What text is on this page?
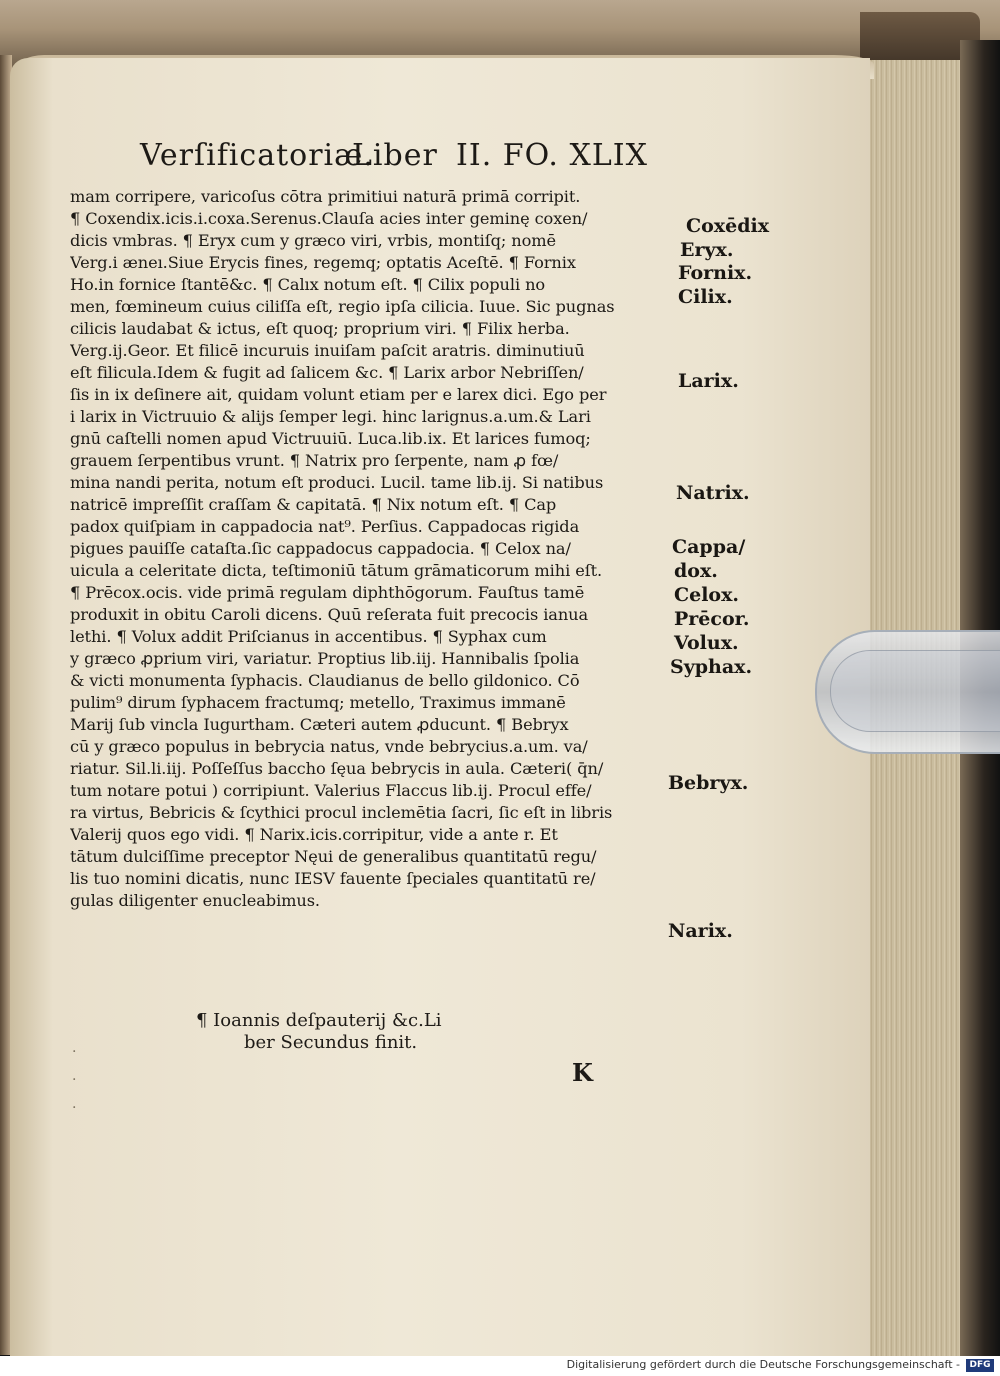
Verſificatoriæ.
Liber II. FO. XLIX
mam corripere, varicoſus cōtra primitiui naturā primā corripit.
¶ Coxendix.icis.i.coxa.Serenus.Clauſa acies inter geminę coxen/
dicis vmbras. ¶ Eryx cum y græco viri, vrbis, montiſq; nomē
Verg.i æneı.Siue Erycis fines, regemq; optatis Aceſtē. ¶ Fornix
Ho.in fornice ſtantē&c. ¶ Calıx notum eſt. ¶ Cilix populi no
men, fœmineum cuius ciliſſa eſt, regio ipſa cilicia. Iuue. Sic pugnas
cilicis laudabat & ictus, eſt quoq; proprium viri. ¶ Filix herba.
Verg.ij.Geor. Et filicē incuruis inuiſam paſcit aratris. diminutiuū
eſt filicula.Idem & fugit ad ſalicem &c. ¶ Larix arbor Nebriſſen/
ſis in ix deſinere ait, quidam volunt etiam per e larex dici. Ego per
i larix in Victruuio & alijs ſemper legi. hinc larignus.a.um.& Lari
gnū caſtelli nomen apud Victruuiū. Luca.lib.ix. Et larices fumoq;
grauem ſerpentibus vrunt. ¶ Natrix pro ſerpente, nam ꝓ fœ/
mina nandi perita, notum eſt produci. Lucil. tame lib.ij. Si natibus
natricē impreſſit craſſam & capitatā. ¶ Nix notum eſt. ¶ Cap
padox quiſpiam in cappadocia nat⁹. Perſius. Cappadocas rigida
pigues pauiſſe cataſta.ſic cappadocus cappadocia. ¶ Celox na/
uicula a celeritate dicta, teſtimoniū tātum grāmaticorum mihi eſt.
¶ Prēcox.ocis. vide primā regulam diphthōgorum. Fauſtus tamē
produxit in obitu Caroli dicens. Quū reſerata fuit precocis ianua
lethi. ¶ Volux addit Priſcianus in accentibus. ¶ Syphax cum
y græco ꝓprium viri, variatur. Proptius lib.iij. Hannibalis ſpolia
& victi monumenta ſyphacis. Claudianus de bello gildonico. Cō
pulim⁹ dirum ſyphacem fractumq; metello, Traximus immanē
Marij ſub vincla Iugurtham. Cæteri autem ꝓducunt. ¶ Bebryx
cū y græco populus in bebrycia natus, vnde bebrycius.a.um. va/
riatur. Sil.li.iij. Poſſeſſus baccho ſęua bebrycis in aula. Cæteri( q̄n/
tum notare potui ) corripiunt. Valerius Flaccus lib.ij. Procul effe/
ra virtus, Bebricis & ſcythici procul inclemētia ſacri, ſic eſt in libris
Valerij quos ego vidi. ¶ Narix.icis.corripitur, vide a ante r. Et
tātum dulciſſime preceptor Nęui de generalibus quantitatū regu/
lis tuo nomini dicatis, nunc IESV fauente ſpeciales quantitatū re/
gulas diligenter enucleabimus.
Coxēdix
Eryx.
Fornix.
Cilix.
Larix.
Natrix.
Cappa/
dox.
Celox.
Prēcor.
Volux.
Syphax.
Bebryx.
Narix.
¶ Ioannis deſpauterij &c.Li
ber Secundus finit.
K
.
.
.
Digitalisierung gefördert durch die Deutsche Forschungsgemeinschaft -	DFG
